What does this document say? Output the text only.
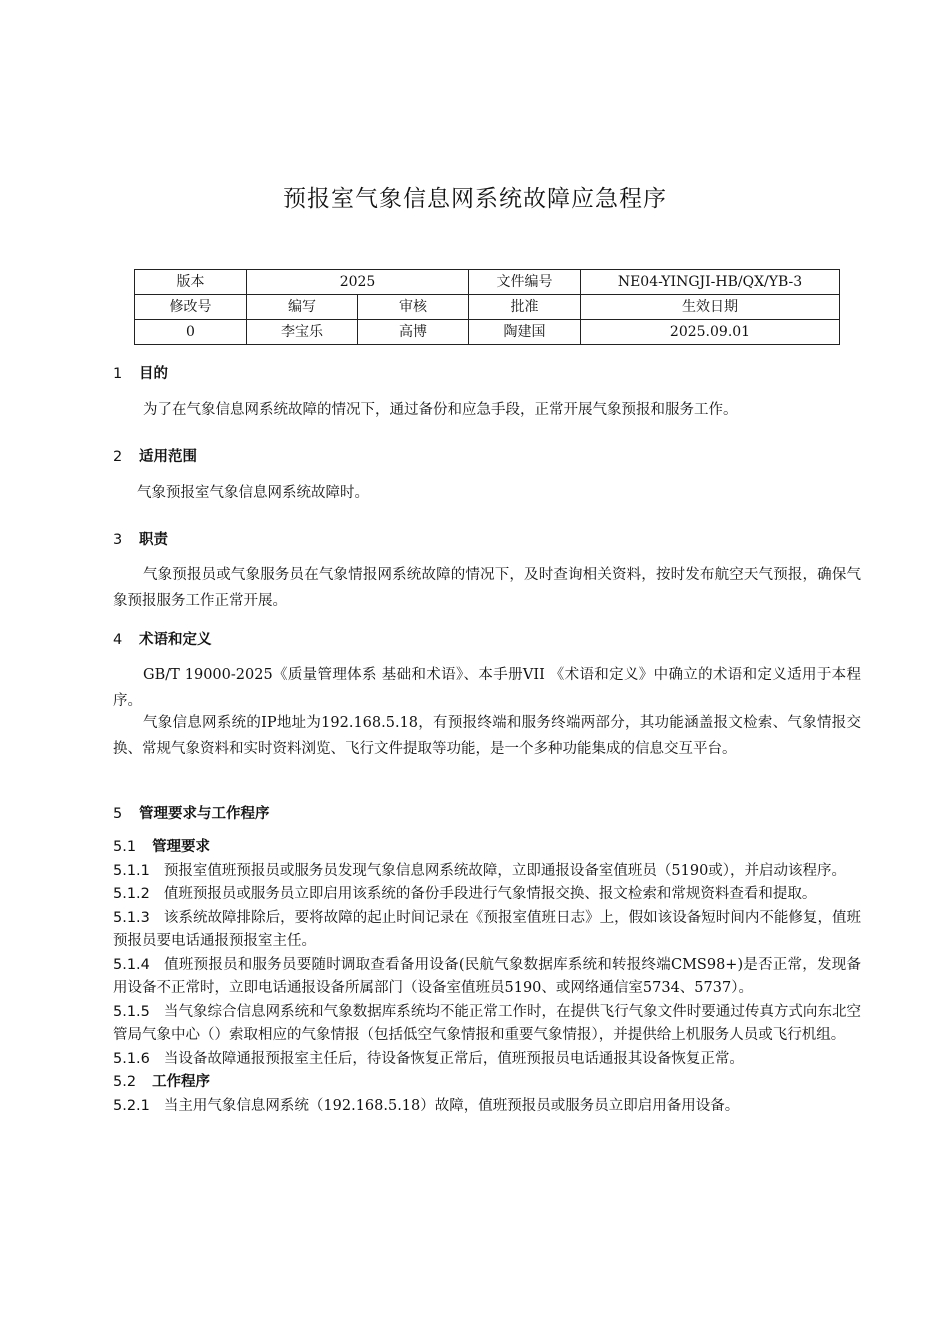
预报室气象信息网系统故障应急程序
版本	2025		文件编号	NE04-YINGJI-HB/QX/YB-3
修改号	编写	审核	批准	生效日期
0	李宝乐	高博	陶建国	2025.09.01
1 目的
为了在气象信息网系统故障的情况下，通过备份和应急手段，正常开展气象预报和服务工作。
2 适用范围
气象预报室气象信息网系统故障时。
3 职责
气象预报员或气象服务员在气象情报网系统故障的情况下，及时查询相关资料，按时发布航空天气预报，确保气象预报服务工作正常开展。
4 术语和定义
GB/T 19000-2025《质量管理体系 基础和术语》、本手册VII 《术语和定义》中确立的术语和定义适用于本程序。
气象信息网系统的IP地址为192.168.5.18，有预报终端和服务终端两部分，其功能涵盖报文检索、气象情报交换、常规气象资料和实时资料浏览、飞行文件提取等功能，是一个多种功能集成的信息交互平台。
5 管理要求与工作程序
5.1 管理要求
5.1.1 预报室值班预报员或服务员发现气象信息网系统故障，立即通报设备室值班员（5190或），并启动该程序。
5.1.2 值班预报员或服务员立即启用该系统的备份手段进行气象情报交换、报文检索和常规资料查看和提取。
5.1.3 该系统故障排除后，要将故障的起止时间记录在《预报室值班日志》上，假如该设备短时间内不能修复，值班预报员要电话通报预报室主任。
5.1.4 值班预报员和服务员要随时调取查看备用设备(民航气象数据库系统和转报终端CMS98+)是否正常，发现备用设备不正常时，立即电话通报设备所属部门（设备室值班员5190、或网络通信室5734、5737）。
5.1.5 当气象综合信息网系统和气象数据库系统均不能正常工作时，在提供飞行气象文件时要通过传真方式向东北空管局气象中心（）索取相应的气象情报（包括低空气象情报和重要气象情报），并提供给上机服务人员或飞行机组。
5.1.6 当设备故障通报预报室主任后，待设备恢复正常后，值班预报员电话通报其设备恢复正常。
5.2 工作程序
5.2.1 当主用气象信息网系统（192.168.5.18）故障，值班预报员或服务员立即启用备用设备。
